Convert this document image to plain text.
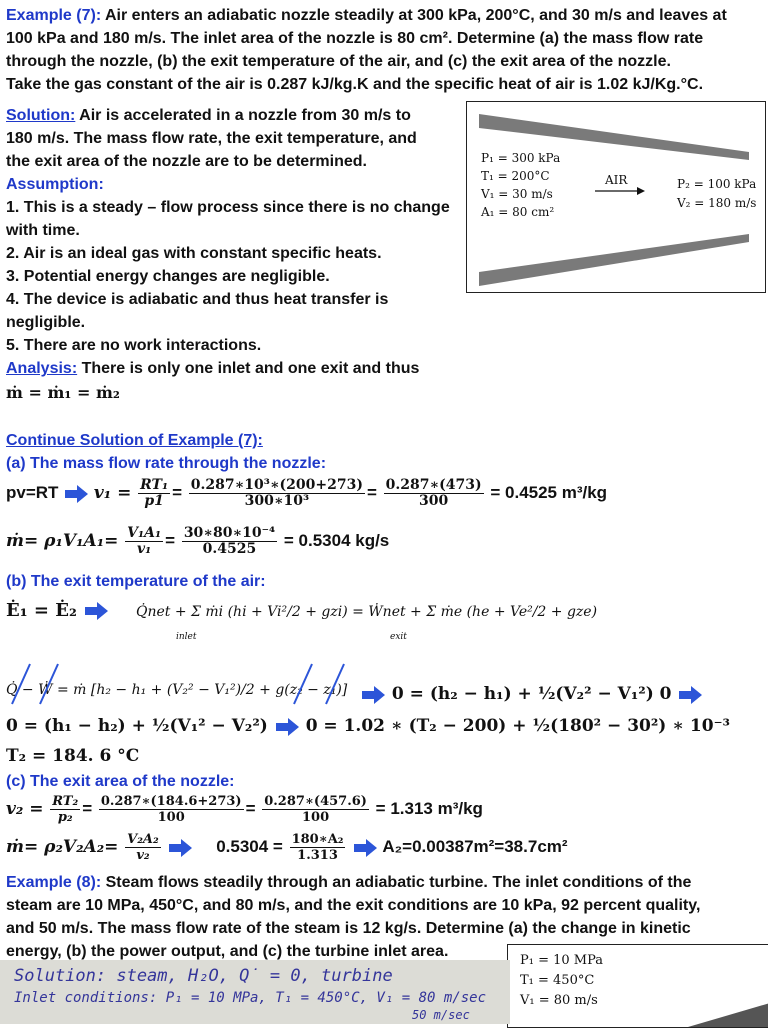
Example (7): Air enters an adiabatic nozzle steadily at 300 kPa, 200°C, and 30 m/s and leaves at
100 kPa and 180 m/s. The inlet area of the nozzle is 80 cm². Determine (a) the mass flow rate
through the nozzle, (b) the exit temperature of the air, and (c) the exit area of the nozzle.
Take the gas constant of the air is 0.287 kJ/kg.K and the specific heat of air is 1.02 kJ/Kg.°C.
Solution: Air is accelerated in a nozzle from 30 m/s to
180 m/s. The mass flow rate, the exit temperature, and
the exit area of the nozzle are to be determined.
Assumption:
1. This is a steady – flow process since there is no change
with time.
2. Air is an ideal gas with constant specific heats.
3. Potential energy changes are negligible.
4. The device is adiabatic and thus heat transfer is
negligible.
5. There are no work interactions.
Analysis: There is only one inlet and one exit and thus
ṁ = ṁ₁ = ṁ₂
P₁ = 300 kPa
T₁ = 200°C
V₁ = 30 m/s
A₁ = 80 cm²
AIR	P₂ = 100 kPa
V₂ = 180 m/s
Continue Solution of Example (7):
(a) The mass flow rate through the nozzle:
pv=RT $v_1 = \frac{\text{RT₁}}{p1} = \frac{\text{0.287∗10³∗(200+273)}}{\text{300∗10³}} = \frac{0.287∗(473)}{300} = 0.4525$ m³/kg
ṁ= $\rho_1V_1A_1= \frac{\text{V₁A₁}}{\text{v₁}} = \frac{\text{30∗80∗10⁻⁴}}{0.4525} = 0.5304$ kg/s
(b) The exit temperature of the air:
Ė₁ = Ė₂	Q̇net + Σ ṁi (hi + Vi²/2 + gzi) = Ẇnet + Σ ṁe (he + Ve²/2 + gze)
inlet	exit
Q̇ − Ẇ = ṁ [h₂ − h₁ + (V₂² − V₁²)/2 + g(z₂ − z₁)]	0 = (h₂ − h₁) + ½(V₂² − V₁²) 0
0 = (h₁ − h₂) + ½(V₁² − V₂²) 0 = 1.02 ∗ (T₂ − 200) + ½(180² − 30²) ∗ 10⁻³
T₂ = 184. 6 °C
(c) The exit area of the nozzle:
$v_2 = \frac{\text{RT₂}}{\text{p₂}} = \frac{0.287∗(184.6+273)}{100} = \frac{0.287∗(457.6)}{100} = 1.313$ m³/kg
ṁ= $\rho_2V_2A_2= \frac{\text{V₂A₂}}{\text{v₂}}$	$0.5304 = \frac{\text{180∗A₂}}{1.313} A_2=0.00387m^2=38.7cm^2$
Example (8): Steam flows steadily through an adiabatic turbine. The inlet conditions of the
steam are 10 MPa, 450°C, and 80 m/s, and the exit conditions are 10 kPa, 92 percent quality,
and 50 m/s. The mass flow rate of the steam is 12 kg/s. Determine (a) the change in kinetic
energy, (b) the power output, and (c) the turbine inlet area.
P₁ = 10 MPa
T₁ = 450°C
V₁ = 80 m/s
Solution: steam, H₂O, Q̇ = 0, turbine
Inlet conditions: P₁ = 10 MPa, T₁ = 450°C, V₁ = 80 m/sec
50 m/sec
